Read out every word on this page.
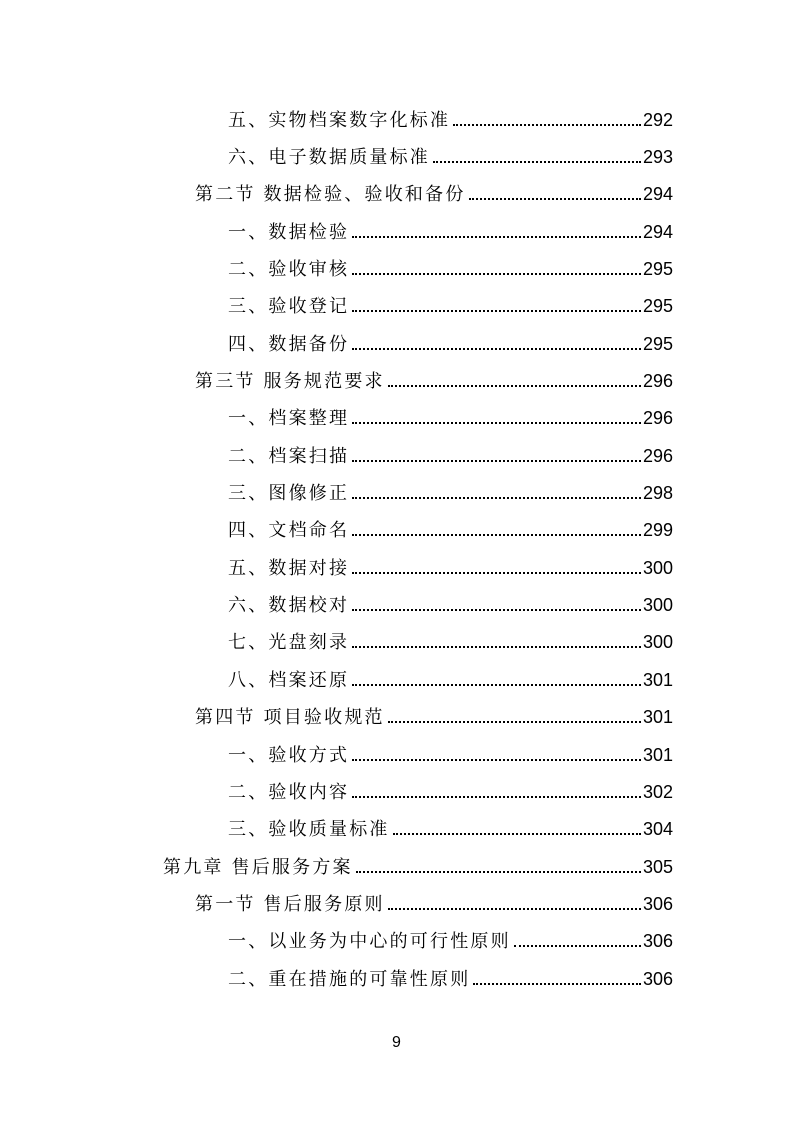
五、实物档案数字化标准	292
六、电子数据质量标准	293
第二节 数据检验、验收和备份	294
一、数据检验	294
二、验收审核	295
三、验收登记	295
四、数据备份	295
第三节 服务规范要求	296
一、档案整理	296
二、档案扫描	296
三、图像修正	298
四、文档命名	299
五、数据对接	300
六、数据校对	300
七、光盘刻录	300
八、档案还原	301
第四节 项目验收规范	301
一、验收方式	301
二、验收内容	302
三、验收质量标准	304
第九章 售后服务方案	305
第一节 售后服务原则	306
一、以业务为中心的可行性原则	306
二、重在措施的可靠性原则	306
9
